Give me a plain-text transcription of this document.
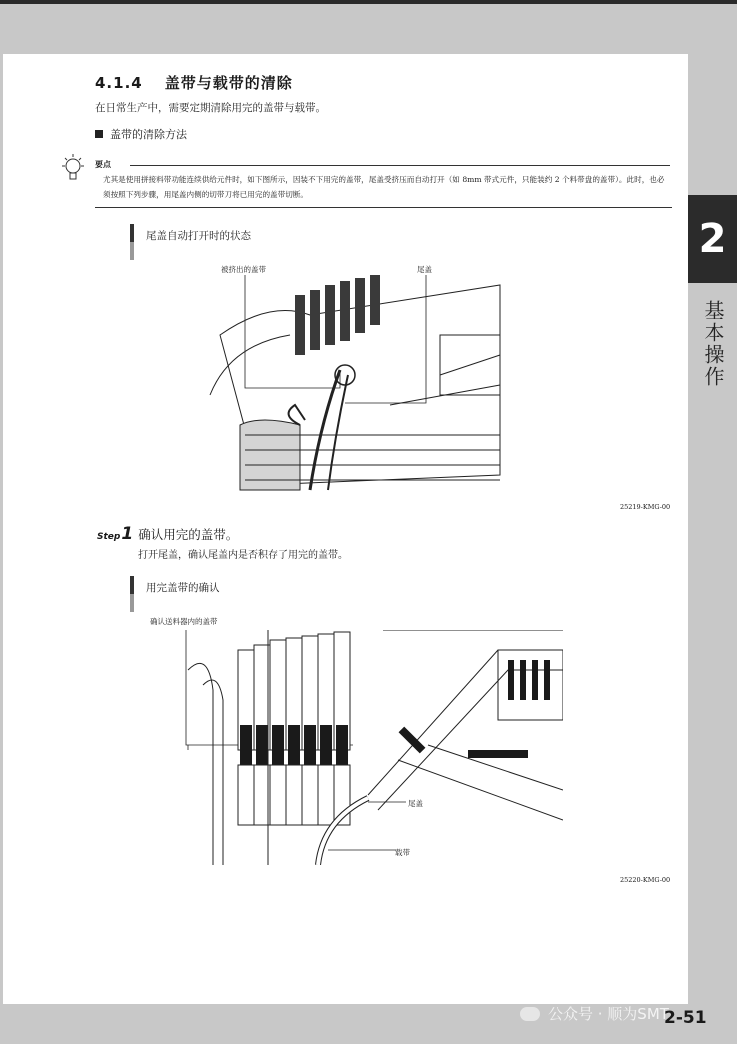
2
基本操作
4.1.4 盖带与载带的清除
在日常生产中，需要定期清除用完的盖带与载带。
盖带的清除方法
要点
尤其是使用拼接料带功能连续供给元件时，如下图所示，因装不下用完的盖带，尾盖受挤压而自动打开（如 8mm 带式元件，只能装约 2 个料带盘的盖带）。此时，也必须按照下列步骤，用尾盖内侧的切带刀将已用完的盖带切断。
尾盖自动打开时的状态
被挤出的盖带	尾盖
25219-KMG-00
Step 1 确认用完的盖带。
打开尾盖，确认尾盖内是否积存了用完的盖带。
用完盖带的确认
确认送料器内的盖带
尾盖
载带
25220-KMG-00
公众号 · 顺为SMT
2-51
